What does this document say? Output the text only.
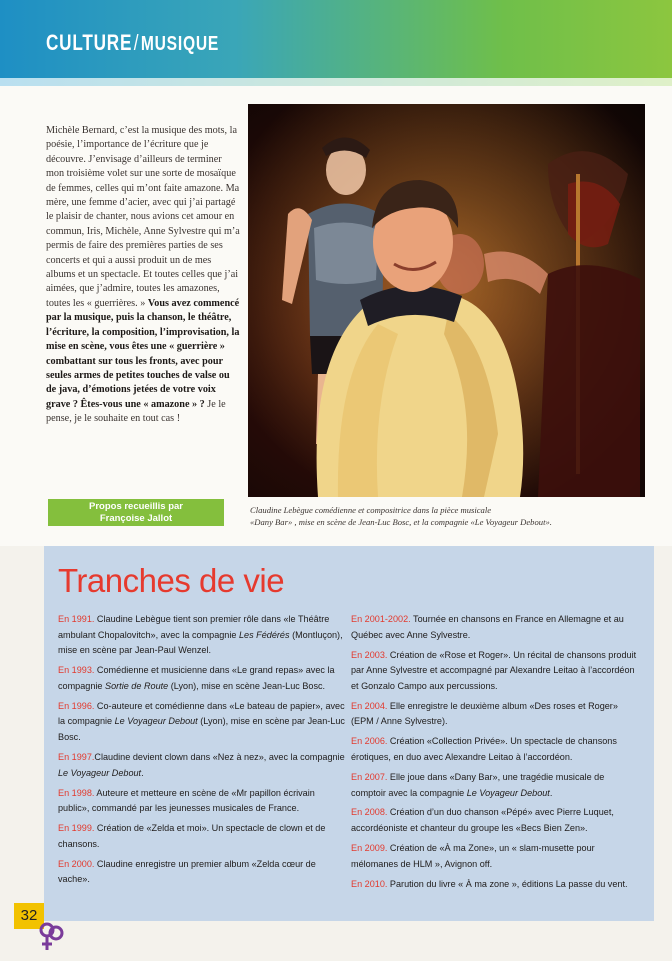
CULTURE/MUSIQUE
Michèle Bernard, c’est la musique des mots, la poésie, l’importance de l’écriture que je découvre. J’envisage d’ailleurs de terminer mon troisième volet sur une sorte de mosaïque de femmes, celles qui m’ont faite amazone. Ma mère, une femme d’acier, avec qui j’ai partagé le plaisir de chanter, nous avions cet amour en commun, Iris, Michèle, Anne Sylvestre qui m’a permis de faire des premières parties de ses concerts et qui a aussi produit un de mes albums et un spectacle. Et toutes celles que j’ai aimées, que j’admire, toutes les amazones, toutes les « guerrières. » Vous avez commencé par la musique, puis la chanson, le théâtre, l’écriture, la composition, l’improvisation, la mise en scène, vous êtes une « guerrière » combattant sur tous les fronts, avec pour seules armes de petites touches de valse ou de java, d’émotions jetées de votre voix grave ? Êtes-vous une « amazone » ? Je le pense, je le souhaite en tout cas !
Propos recueillis par
Françoise Jallot
Claudine Lebègue comédienne et compositrice dans la pièce musicale
«Dany Bar» , mise en scène de Jean-Luc Bosc, et la compagnie «Le Voyageur Debout».
Tranches de vie
En 1991. Claudine Lebègue tient son premier rôle dans «le Théâtre ambulant Chopalovitch», avec la compagnie Les Fédérés (Montluçon), mise en scène par Jean-Paul Wenzel.
En 1993. Comédienne et musicienne dans «Le grand repas» avec la compagnie Sortie de Route (Lyon), mise en scène Jean-Luc Bosc.
En 1996. Co-auteure et comédienne dans «Le bateau de papier», avec la compagnie Le Voyageur Debout (Lyon), mise en scène par Jean-Luc Bosc.
En 1997.Claudine devient clown dans «Nez à nez», avec la compagnie Le Voyageur Debout.
En 1998. Auteure et metteure en scène de «Mr papillon écrivain public», commandé par les jeunesses musicales de France.
En 1999. Création de «Zelda et moi». Un spectacle de clown et de chansons.
En 2000. Claudine enregistre un premier album «Zelda cœur de vache».
En 2001-2002. Tournée en chansons en France en Allemagne et au Québec avec Anne Sylvestre.
En 2003. Création de «Rose et Roger». Un récital de chansons produit par Anne Sylvestre et accompagné par Alexandre Leitao à l’accordéon et Gonzalo Campo aux percussions.
En 2004. Elle enregistre le deuxième album «Des roses et Roger» (EPM / Anne Sylvestre).
En 2006. Création «Collection Privée». Un spectacle de chansons érotiques, en duo avec Alexandre Leitao à l’accordéon.
En 2007. Elle joue dans «Dany Bar», une tragédie musicale de comptoir avec la compagnie Le Voyageur Debout.
En 2008. Création d’un duo chanson «Pépé» avec Pierre Luquet, accordéoniste et chanteur du groupe les «Becs Bien Zen».
En 2009. Création de «À ma Zone», un « slam-musette pour mélomanes de HLM », Avignon off.
En 2010. Parution du livre « À ma zone », éditions La passe du vent.
32
